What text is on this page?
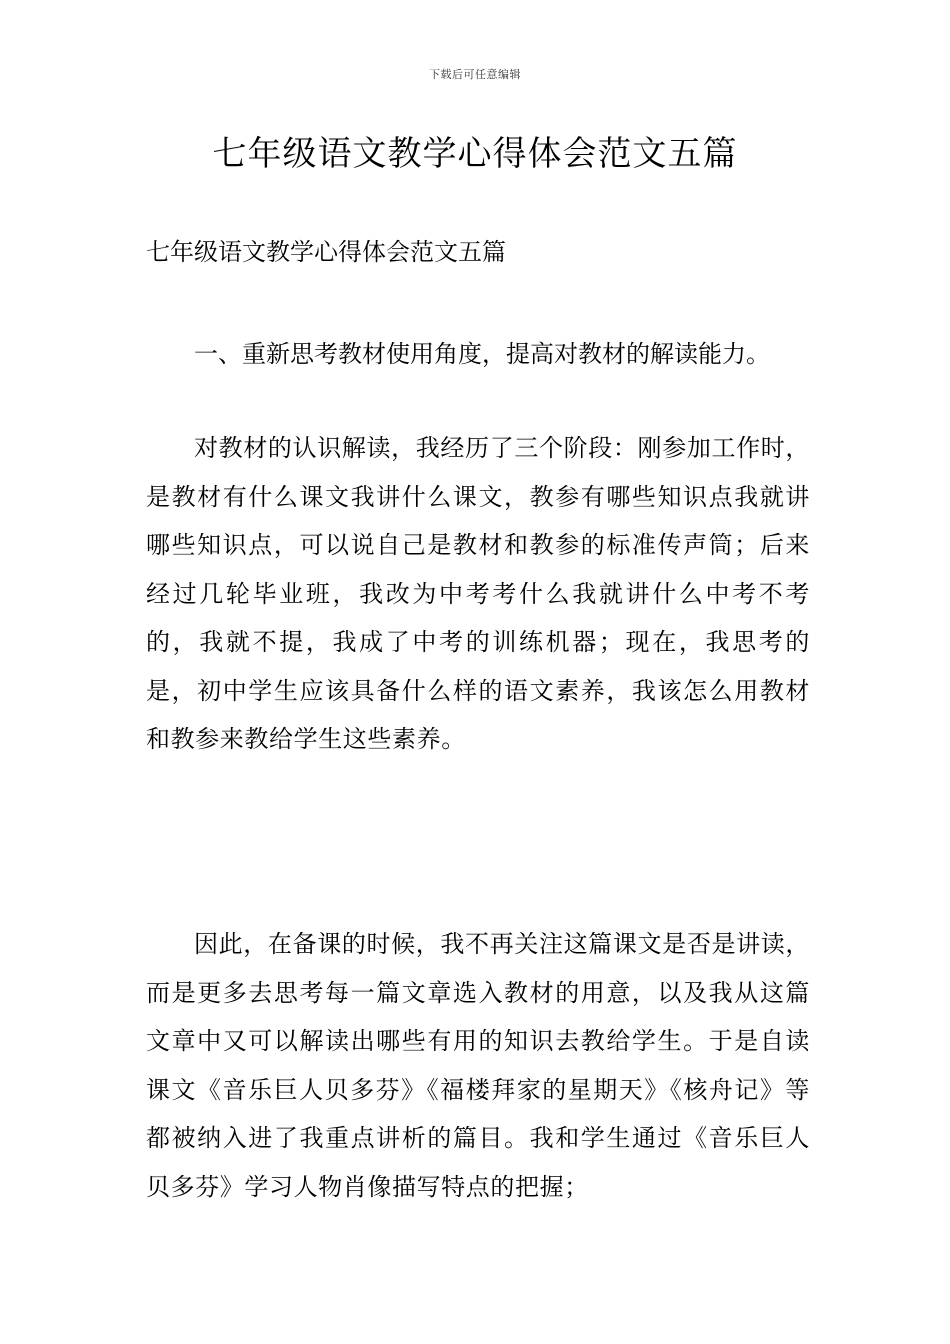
下载后可任意编辑
七年级语文教学心得体会范文五篇

七年级语文教学心得体会范文五篇

一、重新思考教材使用角度，提高对教材的解读能力。

对教材的认识解读，我经历了三个阶段：刚参加工作时，是教材有什么课文我讲什么课文，教参有哪些知识点我就讲哪些知识点，可以说自己是教材和教参的标准传声筒；后来经过几轮毕业班，我改为中考考什么我就讲什么中考不考的，我就不提，我成了中考的训练机器；现在，我思考的是，初中学生应该具备什么样的语文素养，我该怎么用教材和教参来教给学生这些素养。

因此，在备课的时候，我不再关注这篇课文是否是讲读，而是更多去思考每一篇文章选入教材的用意，以及我从这篇文章中又可以解读出哪些有用的知识去教给学生。于是自读课文《音乐巨人贝多芬》《福楼拜家的星期天》《核舟记》等都被纳入进了我重点讲析的篇目。我和学生通过《音乐巨人贝多芬》学习人物肖像描写特点的把握；
